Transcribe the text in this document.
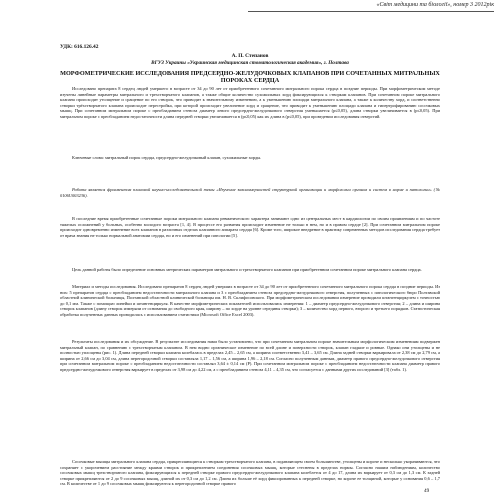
«Світ медицини та біології», номер 3 2012рік
УДК: 616.126.42
А. П. Степанов
ВГУЗ Украины «Украинская медицинская стоматологическая академия», г. Полтава
МОРФОМЕТРИЧЕСКИЕ ИССЛЕДОВАНИЯ ПРЕДСЕРДНО-ЖЕЛУДОЧКОВЫХ КЛАПАНОВ ПРИ СОЧЕТАННЫХ МИТРАЛЬНЫХ ПОРОКАХ СЕРДЦА

Исследовано препарата 8 сердец людей умершего в возрасте от 34 до 90 лет от приобретенного сочетанного митрального порока сердца в поздние периоды. При морфометрическом методе изучены линейные параметры митрального и трехстворчатого клапанов, а также общие количество сухожильных хорд фиксирующихся к створкам клапанов. При сочетанном пороке митрального клапана происходит утолщение и сращение по его створок, что приводит к значительному изменению, а к уменьшению площади митрального клапана, а также к количеству хорд, и соответственно створки трёхстворчатого клапана происходит перестройка, при которой происходит увеличение хорд и сращение, что приводит к уменьшению площади клапана и гипертрофированию сосочковых мышц. При сочетанном митральном пороке с преобладанием стеноза диаметр левого предсердно-желудочкового отверстия уменьшается (p≤0,05), длина створки увеличивается в (p≤0,05). При митральном пороке с преобладанием недостаточности длина передней створки увеличивается в (p≤0,05) как их длина в (p≤0,05), при проведении исследования отверстий.

Ключевые слова: митральный порок сердца, предсердно-желудочковый клапан, сухожильные хорды.

Работа является фрагментом плановой научно-исследовательской темы «Изучение закономерностей структурной организации и морфологии органов и систем в норме и патологии» (№ 0106U003236).

В последние время приобретенные сочетанные пороки митрального клапана ревматического характера занимают одно из центральных мест в кардиологии по своим проявлениям и по частоте тяжелых осложнений у больных, особенно молодого возраста [1, 4]. В процессе его развития происходит изменение не только в нем, но и в правом сердце [2]. При сочетанном митральном пороке происходит одновременно изменение всех клапанов в различных отделах клапанного аппарата сердца [6]. Кроме того, широкое внедрение в практику современных методов исследования сердца требует от врача знания не только нормальной анатомии сердца, но и его изменений при патологии [5].

Цель данной работы было определение основных метрических параметров митрального и трехстворчатого клапанов при приобретенном сочетанном пороке митрального клапана сердца.

Материал и методы исследования. Исследовано препаратов 8 сердец людей умерших в возрасте от 34 до 90 лет от приобретенного сочетанного митрального порока сердца в поздние периоды. Из них: 5 препаратов сердца с преобладанием недостаточности митрального клапана и 3 с преобладанием стеноза предсердно-желудочкового отверстия, полученных с патологического бюро Полтавской областной клинической больницы, Полтавской областной клинической больницы им. Н. В. Склифосовского. При морфометрическом исследовании измерение проводили штангенциркулем с точностью до 0,1 мм. Также с помощью линейки и штангенциркуля. В качестве морфометрических показателей использовались измерения: 1 – диаметр предсердно-желудочкового отверстия; 2 – длина и ширина створок клапанов (длину створок измеряли от основания до свободного края, ширину – по хорде на уровне середины створки); 3 – количество хорд первого, второго и третьего порядков. Статистическая обработка полученных данных проводилась с использованием статистики (Microsoft Office Excel 2003).

Результаты исследования и их обсуждение. В результате исследования нами было установлено, что при сочетанном митральном пороке значительным морфологическим изменениям подвержен митральный клапан, по сравнению с трехстворчатым клапаном. В нем видно органическое изменение по всей длине и поверхности створок, клапан гладкие и ровные. Однако они утолщены и не полностью уплощены (рис. 1). Длина передней створки клапана колебалась в пределах 2,45 – 2,65 см, а ширина соответственно 3,41 – 3,65 см. Длина задней створки варьировала от 2,38 см до 2,79 см, а ширина от 2,66 см до 3,04 см, длина перегородочной створки составляла 1,17 – 1,56 см, а ширина 1,96 – 2,18 см. Согласно полученным данным, диаметр правого предсердно-желудочкового отверстия при сочетанном митральном пороке с преобладанием недостаточности составлял 3,64 ± 0,14 см (Р). При сочетанном митральном пороке с преобладанием недостаточности клапана диаметр правого предсердно-желудочкового отверстия варьирует в пределах от 3,98 см до 4,22 см, а с преобладанием стеноза 4,11 – 4,35 см, что согласуется с данными других исследований [3] (табл. 1).

Сосочковые мышцы митрального клапана сердца, прикрепляющиеся к створкам трехстворчатого клапана, в подавляющем своем большинстве, утолщены и короче и несколько укорачиваются, что сохраняет с укорочением расстояние между краями створок и прикреплением соединения сосочковых мышц, которые стеснены в пределах нормы. Согласно нашим наблюдениям, количество сосочковых мышц трехстворчатого клапана, фиксирующихся к передней створке правого предсердно-желудочкового клапана колеблется от 4 до 17, длина их варьирует от 0,3 см до 1,3 см. К задней створке прикрепляются от 2 до 9 сосочковых мышц, длиной их от 0,3 см до 1,2 см. Длина их больше её хорд фиксированных к передней створке, но короче ее толщиной, которые у основания 0,6 – 1,7 см. В количестве от 1 до 9 сосочковых мышц фиксируются к перегородочной створке правого

49
